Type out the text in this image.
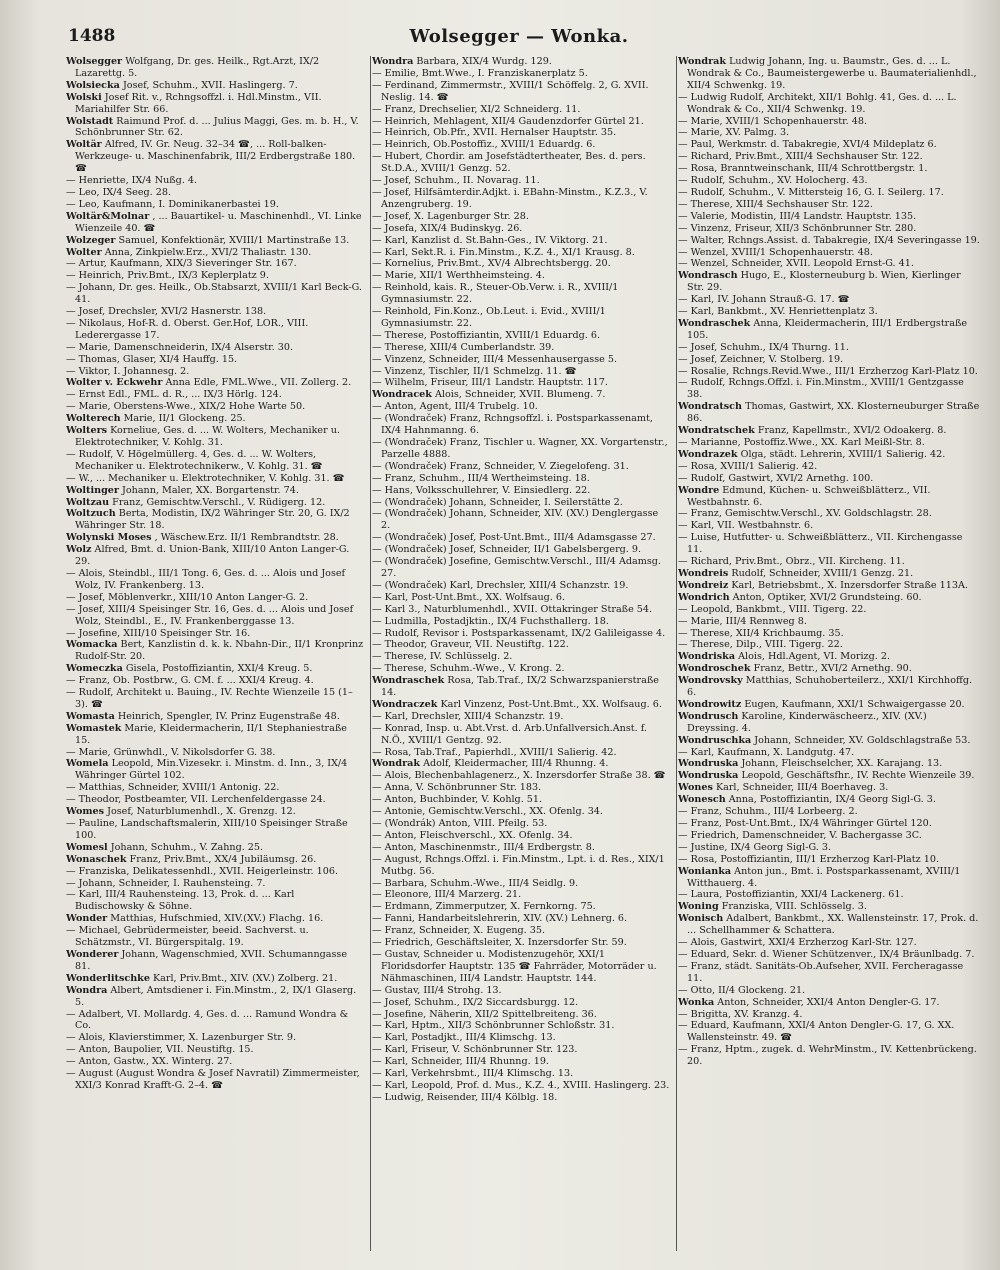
1488	Wolsegger — Wonka.

Wolsegger Wolfgang, Dr. ges. Heilk., Rgt.Arzt, IX/2 Lazarettg. 5.

Wolsiecka Josef, Schuhm., XVII. Haslingerg. 7.

Wolski Josef Rit. v., Rchngsoffzl. i. Hdl.Minstm., VII. Mariahilfer Str. 66.

Wolstadt Raimund Prof. d. ... Julius Maggi, Ges. m. b. H., V. Schönbrunner Str. 62.

Woltär Alfred, IV. Gr. Neug. 32–34 ☎, ... Roll-balken-Werkzeuge- u. Maschinenfabrik, III/2 Erdbergstraße 180. ☎

— Henriette, IX/4 Nußg. 4.

— Leo, IX/4 Seeg. 28.

— Leo, Kaufmann, I. Dominikanerbastei 19.

Woltär&Molnar , ... Bauartikel- u. Maschinenhdl., VI. Linke Wienzeile 40. ☎

Wolzeger Samuel, Konfektionär, XVIII/1 Martinstraße 13.

Wolter Anna, Zinkpielw.Erz., XVI/2 Thaliastr. 130.

— Artur, Kaufmann, XIX/3 Sieveringer Str. 167.

— Heinrich, Priv.Bmt., IX/3 Keplerplatz 9.

— Johann, Dr. ges. Heilk., Ob.Stabsarzt, XVIII/1 Karl Beck-G. 41.

— Josef, Drechsler, XVI/2 Hasnerstr. 138.

— Nikolaus, Hof-R. d. Oberst. Ger.Hof, LOR., VIII. Lederergasse 17.

— Marie, Damenschneiderin, IX/4 Alserstr. 30.

— Thomas, Glaser, XI/4 Hauffg. 15.

— Viktor, I. Johannesg. 2.

Wolter v. Eckwehr Anna Edle, FML.Wwe., VII. Zollerg. 2.

— Ernst Edl., FML. d. R., ... IX/3 Hörlg. 124.

— Marie, Oberstens-Wwe., XIX/2 Hohe Warte 50.

Wolterech Marie, II/1 Glockeng. 25.

Wolters Korneliue, Ges. d. ... W. Wolters, Mechaniker u. Elektrotechniker, V. Kohlg. 31.

— Rudolf, V. Högelmüllerg. 4, Ges. d. ... W. Wolters, Mechaniker u. Elektrotechnikerw., V. Kohlg. 31. ☎

— W., ... Mechaniker u. Elektrotechniker, V. Kohlg. 31. ☎

Woltinger Johann, Maler, XX. Borgartenstr. 74.

Woltzau Franz, Gemischtw.Verschl., V. Rüdigerg. 12.

Woltzuch Berta, Modistin, IX/2 Währinger Str. 20, G. IX/2 Währinger Str. 18.

Wolynski Moses , Wäschew.Erz. II/1 Rembrandtstr. 28.

Wolz Alfred, Bmt. d. Union-Bank, XIII/10 Anton Langer-G. 29.

— Alois, Steindbl., III/1 Tong. 6, Ges. d. ... Alois und Josef Wolz, IV. Frankenberg. 13.

— Josef, Möblenverkr., XIII/10 Anton Langer-G. 2.

— Josef, XIII/4 Speisinger Str. 16, Ges. d. ... Alois und Josef Wolz, Steindbl., E., IV. Frankenberggasse 13.

— Josefine, XIII/10 Speisinger Str. 16.

Womacka Bert, Kanzlistin d. k. k. Nbahn-Dir., II/1 Kronprinz Rudolf-Str. 20.

Womeczka Gisela, Postoffiziantin, XXI/4 Kreug. 5.

— Franz, Ob. Postbrw., G. CM. f. ... XXI/4 Kreug. 4.

— Rudolf, Architekt u. Bauing., IV. Rechte Wienzeile 15 (1–3). ☎

Womasta Heinrich, Spengler, IV. Prinz Eugenstraße 48.

Womastek Marie, Kleidermacherin, II/1 Stephaniestraße 15.

— Marie, Grünwhdl., V. Nikolsdorfer G. 38.

Womela Leopold, Min.Vizesekr. i. Minstm. d. Inn., 3, IX/4 Währinger Gürtel 102.

— Matthias, Schneider, XVIII/1 Antonig. 22.

— Theodor, Postbeamter, VII. Lerchenfeldergasse 24.

Womes Josef, Naturblumenhdl., X. Grenzg. 12.

— Pauline, Landschaftsmalerin, XIII/10 Speisinger Straße 100.

Womesl Johann, Schuhm., V. Zahng. 25.

Wonaschek Franz, Priv.Bmt., XX/4 Jubiläumsg. 26.

— Franziska, Delikatessenhdl., XVII. Heigerleinstr. 106.

— Johann, Schneider, I. Rauhensteing. 7.

— Karl, III/4 Rauhensteing. 13, Prok. d. ... Karl Budischowsky & Söhne.

Wonder Matthias, Hufschmied, XIV.(XV.) Flachg. 16.

— Michael, Gebrüdermeister, beeid. Sachverst. u. Schätzmstr., VI. Bürgerspitalg. 19.

Wonderer Johann, Wagenschmied, XVII. Schumanngasse 81.

Wonderlitschke Karl, Priv.Bmt., XIV. (XV.) Zolberg. 21.

Wondra Albert, Amtsdiener i. Fin.Minstm., 2, IX/1 Glaserg. 5.

— Adalbert, VI. Mollardg. 4, Ges. d. ... Ramund Wondra & Co.

— Alois, Klavierstimmer, X. Lazenburger Str. 9.

— Anton, Baupolier, VII. Neustiftg. 15.

— Anton, Gastw., XX. Winterg. 27.

— August (August Wondra & Josef Navratil) Zimmermeister, XXI/3 Konrad Krafft-G. 2–4. ☎

Wondra Barbara, XIX/4 Wurdg. 129.

— Emilie, Bmt.Wwe., I. Franziskanerplatz 5.

— Ferdinand, Zimmermstr., XVIII/1 Schöffelg. 2, G. XVII. Neslig. 14. ☎

— Franz, Drechselier, XI/2 Schneiderg. 11.

— Heinrich, Mehlagent, XII/4 Gaudenzdorfer Gürtel 21.

— Heinrich, Ob.Pfr., XVII. Hernalser Hauptstr. 35.

— Heinrich, Ob.Postoffiz., XVIII/1 Eduardg. 6.

— Hubert, Chordir. am Josefstädtertheater, Bes. d. pers. St.D.A., XVIII/1 Genzg. 52.

— Josef, Schuhm., II. Novarag. 11.

— Josef, Hilfsämterdir.Adjkt. i. EBahn-Minstm., K.Z.3., V. Anzengruberg. 19.

— Josef, X. Lagenburger Str. 28.

— Josefa, XIX/4 Budinskyg. 26.

— Karl, Kanzlist d. St.Bahn-Ges., IV. Viktorg. 21.

— Karl, Sekt.R. i. Fin.Minstm., K.Z. 4., XI/1 Krausg. 8.

— Kornelius, Priv.Bmt., XV/4 Albrechtsbergg. 20.

— Marie, XII/1 Werthheimsteing. 4.

— Reinhold, kais. R., Steuer-Ob.Verw. i. R., XVIII/1 Gymnasiumstr. 22.

— Reinhold, Fin.Konz., Ob.Leut. i. Evid., XVIII/1 Gymnasiumstr. 22.

— Therese, Postoffiziantin, XVIII/1 Eduardg. 6.

— Therese, XIII/4 Cumberlandstr. 39.

— Vinzenz, Schneider, III/4 Messenhausergasse 5.

— Vinzenz, Tischler, II/1 Schmelzg. 11. ☎

— Wilhelm, Friseur, III/1 Landstr. Hauptstr. 117.

Wondracek Alois, Schneider, XVII. Blumeng. 7.

— Anton, Agent, III/4 Trubelg. 10.

— (Wondraček) Franz, Rchngsoffzl. i. Postsparkassenamt, IX/4 Hahnmanng. 6.

— (Wondraček) Franz, Tischler u. Wagner, XX. Vorgartenstr., Parzelle 4888.

— (Wondraček) Franz, Schneider, V. Ziegelofeng. 31.

— Franz, Schuhm., III/4 Wertheimsteing. 18.

— Hans, Volksschullehrer, V. Einsiedlerg. 22.

— (Wondraček) Johann, Schneider, I. Seilerstätte 2.

— (Wondraček) Johann, Schneider, XIV. (XV.) Denglergasse 2.

— (Wondraček) Josef, Post-Unt.Bmt., III/4 Adamsgasse 27.

— (Wondraček) Josef, Schneider, II/1 Gabelsbergerg. 9.

— (Wondraček) Josefine, Gemischtw.Verschl., III/4 Adamsg. 27.

— (Wondraček) Karl, Drechsler, XIII/4 Schanzstr. 19.

— Karl, Post-Unt.Bmt., XX. Wolfsaug. 6.

— Karl 3., Naturblumenhdl., XVII. Ottakringer Straße 54.

— Ludmilla, Postadjktin., IX/4 Fuchsthallerg. 18.

— Rudolf, Revisor i. Postsparkassenamt, IX/2 Galileigasse 4.

— Theodor, Graveur, VII. Neustiftg. 122.

— Therese, IV. Schlüsselg. 2.

— Therese, Schuhm.-Wwe., V. Krong. 2.

Wondraschek Rosa, Tab.Traf., IX/2 Schwarzspanierstraße 14.

Wondraczek Karl Vinzenz, Post-Unt.Bmt., XX. Wolfsaug. 6.

— Karl, Drechsler, XIII/4 Schanzstr. 19.

— Konrad, Insp. u. Abt.Vrst. d. Arb.Unfallversich.Anst. f. N.Ö., XVIII/1 Gentzg. 92.

— Rosa, Tab.Traf., Papierhdl., XVIII/1 Salierig. 42.

Wondrak Adolf, Kleidermacher, III/4 Rhunng. 4.

— Alois, Blechenbahlagenerz., X. Inzersdorfer Straße 38. ☎

— Anna, V. Schönbrunner Str. 183.

— Anton, Buchbinder, V. Kohlg. 51.

— Antonie, Gemischtw.Verschl., XX. Ofenlg. 34.

— (Wondrák) Anton, VIII. Pfeilg. 53.

— Anton, Fleischverschl., XX. Ofenlg. 34.

— Anton, Maschinenmstr., III/4 Erdbergstr. 8.

— August, Rchngs.Offzl. i. Fin.Minstm., Lpt. i. d. Res., XIX/1 Mutbg. 56.

— Barbara, Schuhm.-Wwe., III/4 Seidlg. 9.

— Eleonore, III/4 Marzerg. 21.

— Erdmann, Zimmerputzer, X. Fernkorng. 75.

— Fanni, Handarbeitslehrerin, XIV. (XV.) Lehnerg. 6.

— Franz, Schneider, X. Eugeng. 35.

— Friedrich, Geschäftsleiter, X. Inzersdorfer Str. 59.

— Gustav, Schneider u. Modistenzugehör, XXI/1 Floridsdorfer Hauptstr. 135 ☎ Fahrräder, Motorräder u. Nähmaschinen, III/4 Landstr. Hauptstr. 144.

— Gustav, III/4 Strohg. 13.

— Josef, Schuhm., IX/2 Siccardsburgg. 12.

— Josefine, Näherin, XII/2 Spittelbreiteng. 36.

— Karl, Hptm., XII/3 Schönbrunner Schloßstr. 31.

— Karl, Postadjkt., III/4 Klimschg. 13.

— Karl, Friseur, V. Schönbrunner Str. 123.

— Karl, Schneider, III/4 Rhunng. 19.

— Karl, Verkehrsbmt., III/4 Klimschg. 13.

— Karl, Leopold, Prof. d. Mus., K.Z. 4., XVIII. Haslingerg. 23.

— Ludwig, Reisender, III/4 Kölblg. 18.

Wondrak Ludwig Johann, Ing. u. Baumstr., Ges. d. ... L. Wondrak & Co., Baumeistergewerbe u. Baumaterialienhdl., XII/4 Schwenkg. 19.

— Ludwig Rudolf, Architekt, XII/1 Bohlg. 41, Ges. d. ... L. Wondrak & Co., XII/4 Schwenkg. 19.

— Marie, XVIII/1 Schopenhauerstr. 48.

— Marie, XV. Palmg. 3.

— Paul, Werkmstr. d. Tabakregie, XVI/4 Mildeplatz 6.

— Richard, Priv.Bmt., XIII/4 Sechshauser Str. 122.

— Rosa, Branntweinschank, III/4 Schrottbergstr. 1.

— Rudolf, Schuhm., XV. Holocherg. 43.

— Rudolf, Schuhm., V. Mittersteig 16, G. I. Seilerg. 17.

— Therese, XIII/4 Sechshauser Str. 122.

— Valerie, Modistin, III/4 Landstr. Hauptstr. 135.

— Vinzenz, Friseur, XII/3 Schönbrunner Str. 280.

— Walter, Rchngs.Assist. d. Tabakregie, IX/4 Severingasse 19.

— Wenzel, XVIII/1 Schopenhauerstr. 48.

— Wenzel, Schneider, XVII. Leopold Ernst-G. 41.

Wondrasch Hugo, E., Klosterneuburg b. Wien, Kierlinger Str. 29.

— Karl, IV. Johann Strauß-G. 17. ☎

— Karl, Bankbmt., XV. Henriettenplatz 3.

Wondraschek Anna, Kleidermacherin, III/1 Erdbergstraße 105.

— Josef, Schuhm., IX/4 Thurng. 11.

— Josef, Zeichner, V. Stolberg. 19.

— Rosalie, Rchngs.Revid.Wwe., III/1 Erzherzog Karl-Platz 10.

— Rudolf, Rchngs.Offzl. i. Fin.Minstm., XVIII/1 Gentzgasse 38.

Wondratsch Thomas, Gastwirt, XX. Klosterneuburger Straße 86.

Wondratschek Franz, Kapellmstr., XVI/2 Odoakerg. 8.

— Marianne, Postoffiz.Wwe., XX. Karl Meißl-Str. 8.

Wondrazek Olga, städt. Lehrerin, XVIII/1 Salierig. 42.

— Rosa, XVIII/1 Salierig. 42.

— Rudolf, Gastwirt, XVI/2 Arnethg. 100.

Wondre Edmund, Küchen- u. Schweißblätterz., VII. Westbahnstr. 6.

— Franz, Gemischtw.Verschl., XV. Goldschlagstr. 28.

— Karl, VII. Westbahnstr. 6.

— Luise, Hutfutter- u. Schweißblätterz., VII. Kirchengasse 11.

— Richard, Priv.Bmt., Obrz., VII. Kircheng. 11.

Wondreis Rudolf, Schneider, XVIII/1 Genzg. 21.

Wondreiz Karl, Betriebsbmt., X. Inzersdorfer Straße 113A.

Wondrich Anton, Optiker, XVI/2 Grundsteing. 60.

— Leopold, Bankbmt., VIII. Tigerg. 22.

— Marie, III/4 Rennweg 8.

— Therese, XII/4 Krichbaumg. 35.

— Therese, Dilp., VIII. Tigerg. 22.

Wondriska Alois, Hdl.Agent, VI. Morizg. 2.

Wondroschek Franz, Bettr., XVI/2 Arnethg. 90.

Wondrovsky Matthias, Schuhoberteilerz., XXI/1 Kirchhoffg. 6.

Wondrowitz Eugen, Kaufmann, XXI/1 Schwaigergasse 20.

Wondrusch Karoline, Kinderwäscheerz., XIV. (XV.) Dreyssing. 4.

Wondruschka Johann, Schneider, XV. Goldschlagstraße 53.

— Karl, Kaufmann, X. Landgutg. 47.

Wondruska Johann, Fleischselcher, XX. Karajang. 13.

Wondruska Leopold, Geschäftsfhr., IV. Rechte Wienzeile 39.

Wones Karl, Schneider, III/4 Boerhaveg. 3.

Wonesch Anna, Postoffiziantin, IX/4 Georg Sigl-G. 3.

— Franz, Schuhm., III/4 Lorbeerg. 2.

— Franz, Post-Unt.Bmt., IX/4 Währinger Gürtel 120.

— Friedrich, Damenschneider, V. Bachergasse 3C.

— Justine, IX/4 Georg Sigl-G. 3.

— Rosa, Postoffiziantin, III/1 Erzherzog Karl-Platz 10.

Wonianka Anton jun., Bmt. i. Postsparkassenamt, XVIII/1 Witthauerg. 4.

— Laura, Postoffiziantin, XXI/4 Lackenerg. 61.

Woning Franziska, VIII. Schlösselg. 3.

Wonisch Adalbert, Bankbmt., XX. Wallensteinstr. 17, Prok. d. ... Schellhammer & Schattera.

— Alois, Gastwirt, XXI/4 Erzherzog Karl-Str. 127.

— Eduard, Sekr. d. Wiener Schützenver., IX/4 Bräunlbadg. 7.

— Franz, städt. Sanitäts-Ob.Aufseher, XVII. Fercheragasse 11.

— Otto, II/4 Glockeng. 21.

Wonka Anton, Schneider, XXI/4 Anton Dengler-G. 17.

— Brigitta, XV. Kranzg. 4.

— Eduard, Kaufmann, XXI/4 Anton Dengler-G. 17, G. XX. Wallensteinstr. 49. ☎

— Franz, Hptm., zugek. d. WehrMinstm., IV. Kettenbrückeng. 20.
